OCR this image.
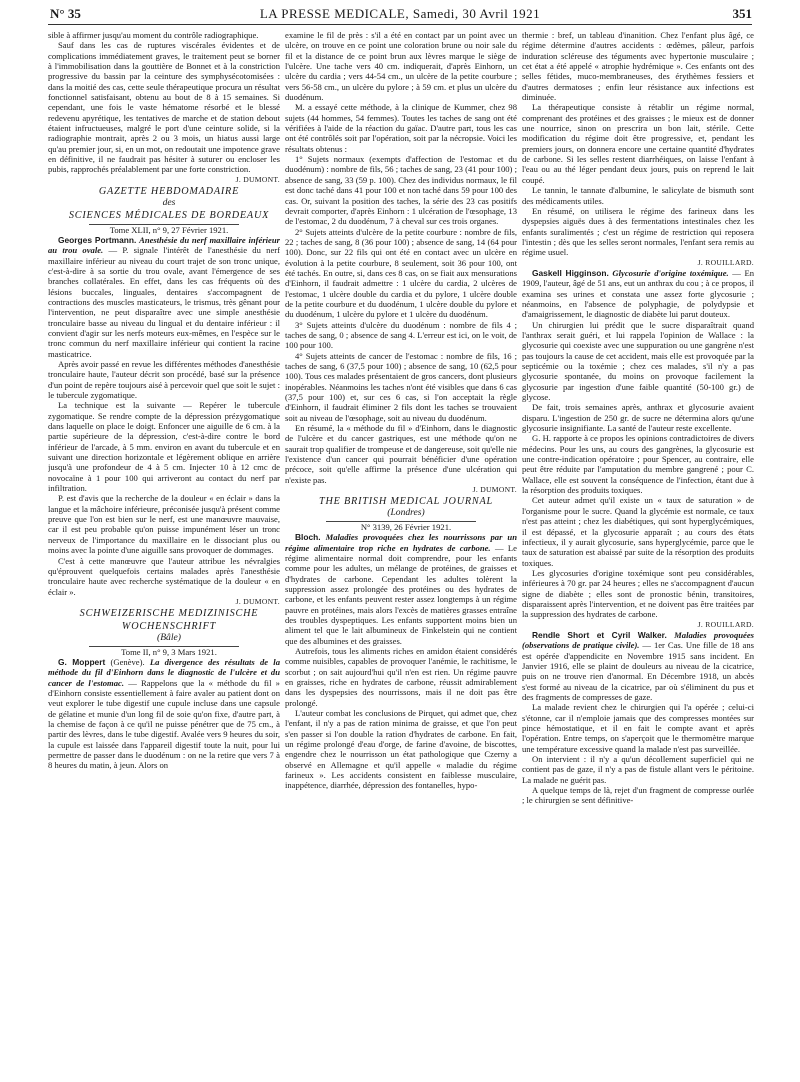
N° 35	LA PRESSE MEDICALE, Samedi, 30 Avril 1921	351

sible à affirmer jusqu'au moment du contrôle radiographique.

Sauf dans les cas de ruptures viscérales évidentes et de complications immédiatement graves, le traitement peut se borner à l'immobilisation dans la gouttière de Bonnet et à la constriction progressive du bassin par la ceinture des symphysécotomisées : dans la moitié des cas, cette seule thérapeutique procura un résultat fonctionnel satisfaisant, obtenu au bout de 8 à 15 semaines. Si cependant, une fois le vaste hématome résorbé et le blessé redevenu apyrétique, les tentatives de marche et de station debout étaient infructueuses, malgré le port d'une ceinture solide, si la radiographie montrait, après 2 ou 3 mois, un hiatus aussi large qu'au premier jour, si, en un mot, on redoutait une impotence grave en définitive, il ne faudrait pas hésiter à suturer ou encloser les pubis, rapprochés préalablement par une forte constriction.

J. DUMONT.

GAZETTE HEBDOMADAIRE

des

SCIENCES MÉDICALES DE BORDEAUX

Tome XLII, n° 9, 27 Février 1921.

Georges Portmann. Anesthésie du nerf maxillaire inférieur au trou ovale. — P. signale l'intérêt de l'anesthésie du nerf maxillaire inférieur au niveau du court trajet de son tronc unique, c'est-à-dire à sa sortie du trou ovale, avant l'émergence de ses branches collatérales. En effet, dans les cas fréquents où des lésions buccales, linguales, dentaires s'accompagnent de contractions des muscles masticateurs, le trismus, très gênant pour l'intervention, ne peut disparaître avec une simple anesthésie tronculaire basse au niveau du lingual et du dentaire inférieur : il convient d'agir sur les nerfs moteurs eux-mêmes, en l'espèce sur le tronc commun du nerf maxillaire inférieur qui contient la racine masticatrice.

Après avoir passé en revue les différentes méthodes d'anesthésie tronculaire haute, l'auteur décrit son procédé, basé sur la présence d'un point de repère toujours aisé à percevoir quel que soit le sujet : le tubercule zygomatique.

La technique est la suivante — Repérer le tubercule zygomatique. Se rendre compte de la dépression prézygomatique dans laquelle on place le doigt. Enfoncer une aiguille de 6 cm. à la partie supérieure de la dépression, c'est-à-dire contre le bord inférieur de l'arcade, à 5 mm. environ en avant du tubercule et en suivant une direction horizontale et légèrement oblique en arrière jusqu'à une profondeur de 4 à 5 cm. Injecter 10 à 12 cmc de novocaïne à 1 pour 100 qui arriveront au contact du nerf par infiltration.

P. est d'avis que la recherche de la douleur « en éclair » dans la langue et la mâchoire inférieure, préconisée jusqu'à présent comme preuve que l'on est bien sur le nerf, est une manœuvre mauvaise, car il est peu probable qu'on puisse impunément léser un tronc nerveux de l'importance du maxillaire en le dissociant plus ou moins avec la pointe d'une aiguille sans provoquer de dommages.

C'est à cette manœuvre que l'auteur attribue les névralgies qu'éprouvent quelquefois certains malades après l'anesthésie tronculaire haute avec recherche systématique de la douleur « en éclair ».

J. DUMONT.

SCHWEIZERISCHE MEDIZINISCHE

WOCHENSCHRIFT

(Bâle)

Tome II, n° 9, 3 Mars 1921.

G. Moppert (Genève). La divergence des résultats de la méthode du fil d'Einhorn dans le diagnostic de l'ulcère et du cancer de l'estomac. — Rappelons que la « méthode du fil » d'Einhorn consiste essentiellement à faire avaler au patient dont on veut explorer le tube digestif une cupule incluse dans une capsule de gélatine et munie d'un long fil de soie qu'on fixe, d'autre part, à la chemise de façon à ce qu'il ne puisse pénétrer que de 75 cm., à partir des lèvres, dans le tube digestif. Avalée vers 9 heures du soir, la cupule est laissée dans l'appareil digestif toute la nuit, pour lui permettre de passer dans le duodénum : on ne la retire que vers 7 à 8 heures du matin, à jeun. Alors on

examine le fil de près : s'il a été en contact par un point avec un ulcère, on trouve en ce point une coloration brune ou noir sale du fil et la distance de ce point brun aux lèvres marque le siège de l'ulcère. Une tache vers 40 cm. indiquerait, d'après Einhorn, un ulcère du cardia ; vers 44-54 cm., un ulcère de la petite courbure ; vers 56-58 cm., un ulcère du pylore ; à 59 cm. et plus un ulcère du duodénum.

M. a essayé cette méthode, à la clinique de Kummer, chez 98 sujets (44 hommes, 54 femmes). Toutes les taches de sang ont été vérifiées à l'aide de la réaction du gaïac. D'autre part, tous les cas ont été contrôlés soit par l'opération, soit par la nécropsie. Voici les résultats obtenus :

1° Sujets normaux (exempts d'affection de l'estomac et du duodénum) : nombre de fils, 56 ; taches de sang, 23 (41 pour 100) ; absence de sang, 33 (59 p. 100). Chez des individus normaux, le fil est donc taché dans 41 pour 100 et non taché dans 59 pour 100 des cas. Or, suivant la position des taches, la série des 23 cas positifs devrait comporter, d'après Einhorn : 1 ulcération de l'œsophage, 13 de l'estomac, 2 du duodénum, 7 à cheval sur ces trois organes.

2° Sujets atteints d'ulcère de la petite courbure : nombre de fils, 22 ; taches de sang, 8 (36 pour 100) ; absence de sang, 14 (64 pour 100). Donc, sur 22 fils qui ont été en contact avec un ulcère en évolution à la petite courbure, 8 seulement, soit 36 pour 100, ont été tachés. En outre, si, dans ces 8 cas, on se fiait aux mensurations d'Einhorn, il faudrait admettre : 1 ulcère du cardia, 2 ulcères de l'estomac, 1 ulcère double du cardia et du pylore, 1 ulcère double de la petite courbure et du duodénum, 1 ulcère double du pylore et du duodénum, 1 ulcère du pylore et 1 ulcère du duodénum.

3° Sujets atteints d'ulcère du duodénum : nombre de fils 4 ; taches de sang, 0 ; absence de sang 4. L'erreur est ici, on le voit, de 100 pour 100.

4° Sujets atteints de cancer de l'estomac : nombre de fils, 16 ; taches de sang, 6 (37,5 pour 100) ; absence de sang, 10 (62,5 pour 100). Tous ces malades présentaient de gros cancers, dont plusieurs inopérables. Néanmoins les taches n'ont été visibles que dans 6 cas (37,5 pour 100) et, sur ces 6 cas, si l'on acceptait la règle d'Einhorn, il faudrait éliminer 2 fils dont les taches se trouvaient soit au niveau de l'œsophage, soit au niveau du duodénum.

En résumé, la « méthode du fil » d'Einhorn, dans le diagnostic de l'ulcère et du cancer gastriques, est une méthode qu'on ne saurait trop qualifier de trompeuse et de dangereuse, soit qu'elle nie l'existence d'un cancer qui pourrait bénéficier d'une opération précoce, soit qu'elle affirme la présence d'une ulcération qui n'existe pas.

J. DUMONT.

THE BRITISH MEDICAL JOURNAL

(Londres)

N° 3139, 26 Février 1921.

Bloch. Maladies provoquées chez les nourrissons par un régime alimentaire trop riche en hydrates de carbone. — Le régime alimentaire normal doit comprendre, pour les enfants comme pour les adultes, un mélange de protéines, de graisses et d'hydrates de carbone. Cependant les adultes tolèrent la suppression assez prolongée des protéines ou des hydrates de carbone, et les enfants peuvent rester assez longtemps à un régime pauvre en protéines, mais alors l'excès de matières grasses entraîne des troubles dyspeptiques. Les enfants supportent moins bien un aliment tel que le lait albumineux de Finkelstein qui ne contient que des albumines et des graisses.

Autrefois, tous les aliments riches en amidon étaient considérés comme nuisibles, capables de provoquer l'anémie, le rachitisme, le scorbut ; on sait aujourd'hui qu'il n'en est rien. Un régime pauvre en graisses, riche en hydrates de carbone, réussit admirablement dans les dyspepsies des nourrissons, mais il ne doit pas être prolongé.

L'auteur combat les conclusions de Pirquet, qui admet que, chez l'enfant, il n'y a pas de ration minima de graisse, et que l'on peut s'en passer si l'on double la ration d'hydrates de carbone. En fait, un régime prolongé d'eau d'orge, de farine d'avoine, de biscottes, engendre chez le nourrisson un état pathologique que Czerny a observé en Allemagne et qu'il appelle « maladie du régime farineux ». Les accidents consistent en faiblesse musculaire, inappétence, diarrhée, dépression des fontanelles, hypo-

thermie : bref, un tableau d'inanition. Chez l'enfant plus âgé, ce régime détermine d'autres accidents : œdèmes, pâleur, parfois induration scléreuse des téguments avec hypertonie musculaire ; cet état a été appelé « atrophie hydrémique ». Ces enfants ont des selles fétides, muco-membraneuses, des érythèmes fessiers et d'autres dermatoses ; enfin leur résistance aux infections est diminuée.

La thérapeutique consiste à rétablir un régime normal, comprenant des protéines et des graisses ; le mieux est de donner une nourrice, sinon on prescrira un bon lait, stérile. Cette modification du régime doit être progressive, et, pendant les premiers jours, on donnera encore une certaine quantité d'hydrates de carbone. Si les selles restent diarrhéiques, on laisse l'enfant à l'eau ou au thé léger pendant deux jours, puis on reprend le lait coupé.

Le tannin, le tannate d'albumine, le salicylate de bismuth sont des médicaments utiles.

En résumé, on utilisera le régime des farineux dans les dyspepsies aiguës dues à des fermentations intestinales chez les enfants suralimentés ; c'est un régime de restriction qui reposera l'intestin ; dès que les selles seront normales, l'enfant sera remis au régime usuel.

J. ROUILLARD.

Gaskell Higginson. Glycosurie d'origine toxémique. — En 1909, l'auteur, âgé de 51 ans, eut un anthrax du cou ; à ce propos, il examina ses urines et constata une assez forte glycosurie ; néanmoins, en l'absence de polyphagie, de polydypsie et d'amaigrissement, le diagnostic de diabète lui parut douteux.

Un chirurgien lui prédit que le sucre disparaîtrait quand l'anthrax serait guéri, et lui rappela l'opinion de Wallace : la glycosurie qui coexiste avec une suppuration ou une gangrène n'est pas toujours la cause de cet accident, mais elle est provoquée par la septicémie ou la toxémie ; chez ces malades, s'il n'y a pas glycosurie spontanée, du moins on provoque facilement la glycosurie par ingestion d'une faible quantité (50-100 gr.) de glycose.

De fait, trois semaines après, anthrax et glycosurie avaient disparu. L'ingestion de 250 gr. de sucre ne détermina alors qu'une glycosurie insignifiante. La santé de l'auteur reste excellente.

G. H. rapporte à ce propos les opinions contradictoires de divers médecins. Pour les uns, au cours des gangrènes, la glycosurie est une contre-indication opératoire ; pour Spencer, au contraire, elle peut être réduite par l'amputation du membre gangrené ; pour C. Wallace, elle est souvent la conséquence de l'infection, étant due à la résorption des produits toxiques.

Cet auteur admet qu'il existe un « taux de saturation » de l'organisme pour le sucre. Quand la glycémie est normale, ce taux n'est pas atteint ; chez les diabétiques, qui sont hyperglycémiques, il est dépassé, et la glycosurie apparaît ; au cours des états infectieux, il y aurait glycosurie, sans hyperglycémie, parce que le taux de saturation est abaissé par suite de la résorption des produits toxiques.

Les glycosuries d'origine toxémique sont peu considérables, inférieures à 70 gr. par 24 heures ; elles ne s'accompagnent d'aucun signe de diabète ; elles sont de pronostic bénin, transitoires, disparaissent après l'intervention, et ne doivent pas être traitées par la suppression des hydrates de carbone.

J. ROUILLARD.

Rendle Short et Cyril Walker. Maladies provoquées (observations de pratique civile). — 1er Cas. Une fille de 18 ans est opérée d'appendicite en Novembre 1915 sans incident. En Janvier 1916, elle se plaint de douleurs au niveau de la cicatrice, puis on ne trouve rien d'anormal. En Décembre 1918, un abcès s'est formé au niveau de la cicatrice, par où s'éliminent du pus et des fragments de compresses de gaze.

La malade revient chez le chirurgien qui l'a opérée ; celui-ci s'étonne, car il n'emploie jamais que des compresses montées sur pince hémostatique, et il en fait le compte avant et après l'opération. Entre temps, on s'aperçoit que le thermomètre marque une température excessive quand la malade n'est pas surveillée.

On intervient : il n'y a qu'un décollement superficiel qui ne contient pas de gaze, il n'y a pas de fistule allant vers le péritoine. La malade ne guérit pas.

A quelque temps de là, rejet d'un fragment de compresse ourlée ; le chirurgien se sent définitive-
